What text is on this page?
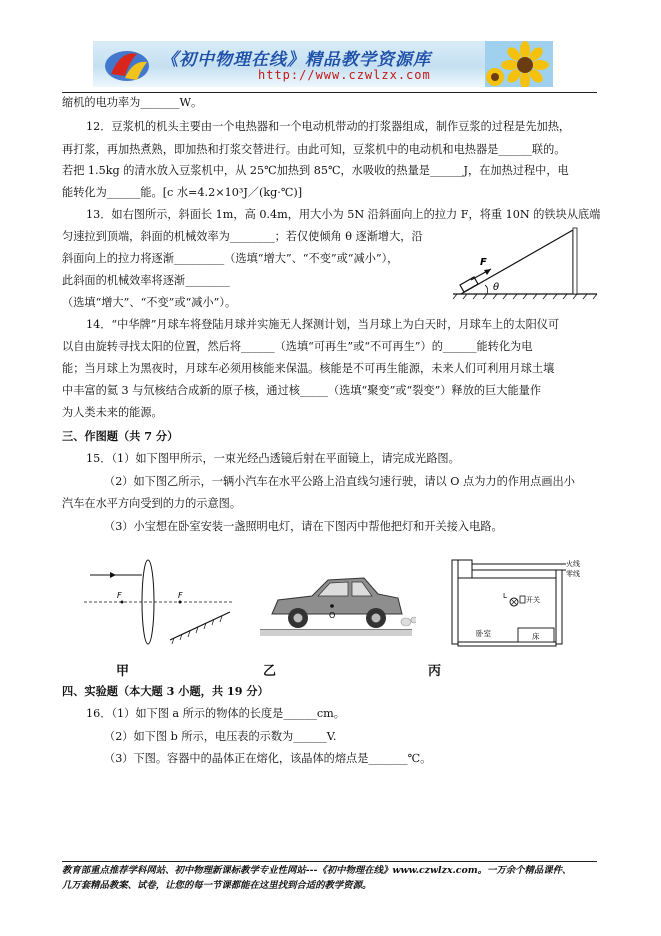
《初中物理在线》精品教学资源库
http://www.czwlzx.com
缩机的电功率为_______W。
12．豆浆机的机头主要由一个电热器和一个电动机带动的打浆器组成，制作豆浆的过程是先加热，
再打浆，再加热煮熟，即加热和打浆交替进行。由此可知，豆浆机中的电动机和电热器是______联的。
若把 1.5kg 的清水放入豆浆机中，从 25℃加热到 85℃，水吸收的热量是______J，在加热过程中，电
能转化为______能。[c 水=4.2×10³J／(kg·℃)]
13．如右图所示，斜面长 1m，高 0.4m，用大小为 5N 沿斜面向上的拉力 F，将重 10N 的铁块从底端
匀速拉到顶端，斜面的机械效率为________；若仅使倾角 θ 逐渐增大，沿
斜面向上的拉力将逐渐_________（选填“增大”、“不变”或“减小”），
此斜面的机械效率将逐渐________
（选填“增大”、“不变”或“减小”）。
F
θ
14．“中华牌”月球车将登陆月球并实施无人探测计划，当月球上为白天时，月球车上的太阳仪可
以自由旋转寻找太阳的位置，然后将______（选填“可再生”或“不可再生”）的______能转化为电
能；当月球上为黑夜时，月球车必须用核能来保温。核能是不可再生能源，未来人们可利用月球土壤
中丰富的氦 3 与氘核结合成新的原子核，通过核_____（选填“聚变”或“裂变”）释放的巨大能量作
为人类未来的能源。
三、作图题（共 7 分）
15．（1）如下图甲所示，一束光经凸透镜后射在平面镜上，请完成光路图。
（2）如下图乙所示，一辆小汽车在水平公路上沿直线匀速行驶，请以 O 点为力的作用点画出小
汽车在水平方向受到的力的示意图。
（3）小宝想在卧室安装一盏照明电灯，请在下图丙中帮他把灯和开关接入电路。
F	F
甲
O
乙
火线
零线
L	开关
卧室	床
丙
四、实验题（本大题 3 小题，共 19 分）
16．（1）如下图 a 所示的物体的长度是______cm。
（2）如下图 b 所示，电压表的示数为______V.
（3）下图。容器中的晶体正在熔化，该晶体的熔点是_______℃。
教育部重点推荐学科网站、初中物理新课标教学专业性网站---《初中物理在线》www.czwlzx.com。一万余个精品课件、
几万套精品教案、试卷，让您的每一节课都能在这里找到合适的教学资源。
